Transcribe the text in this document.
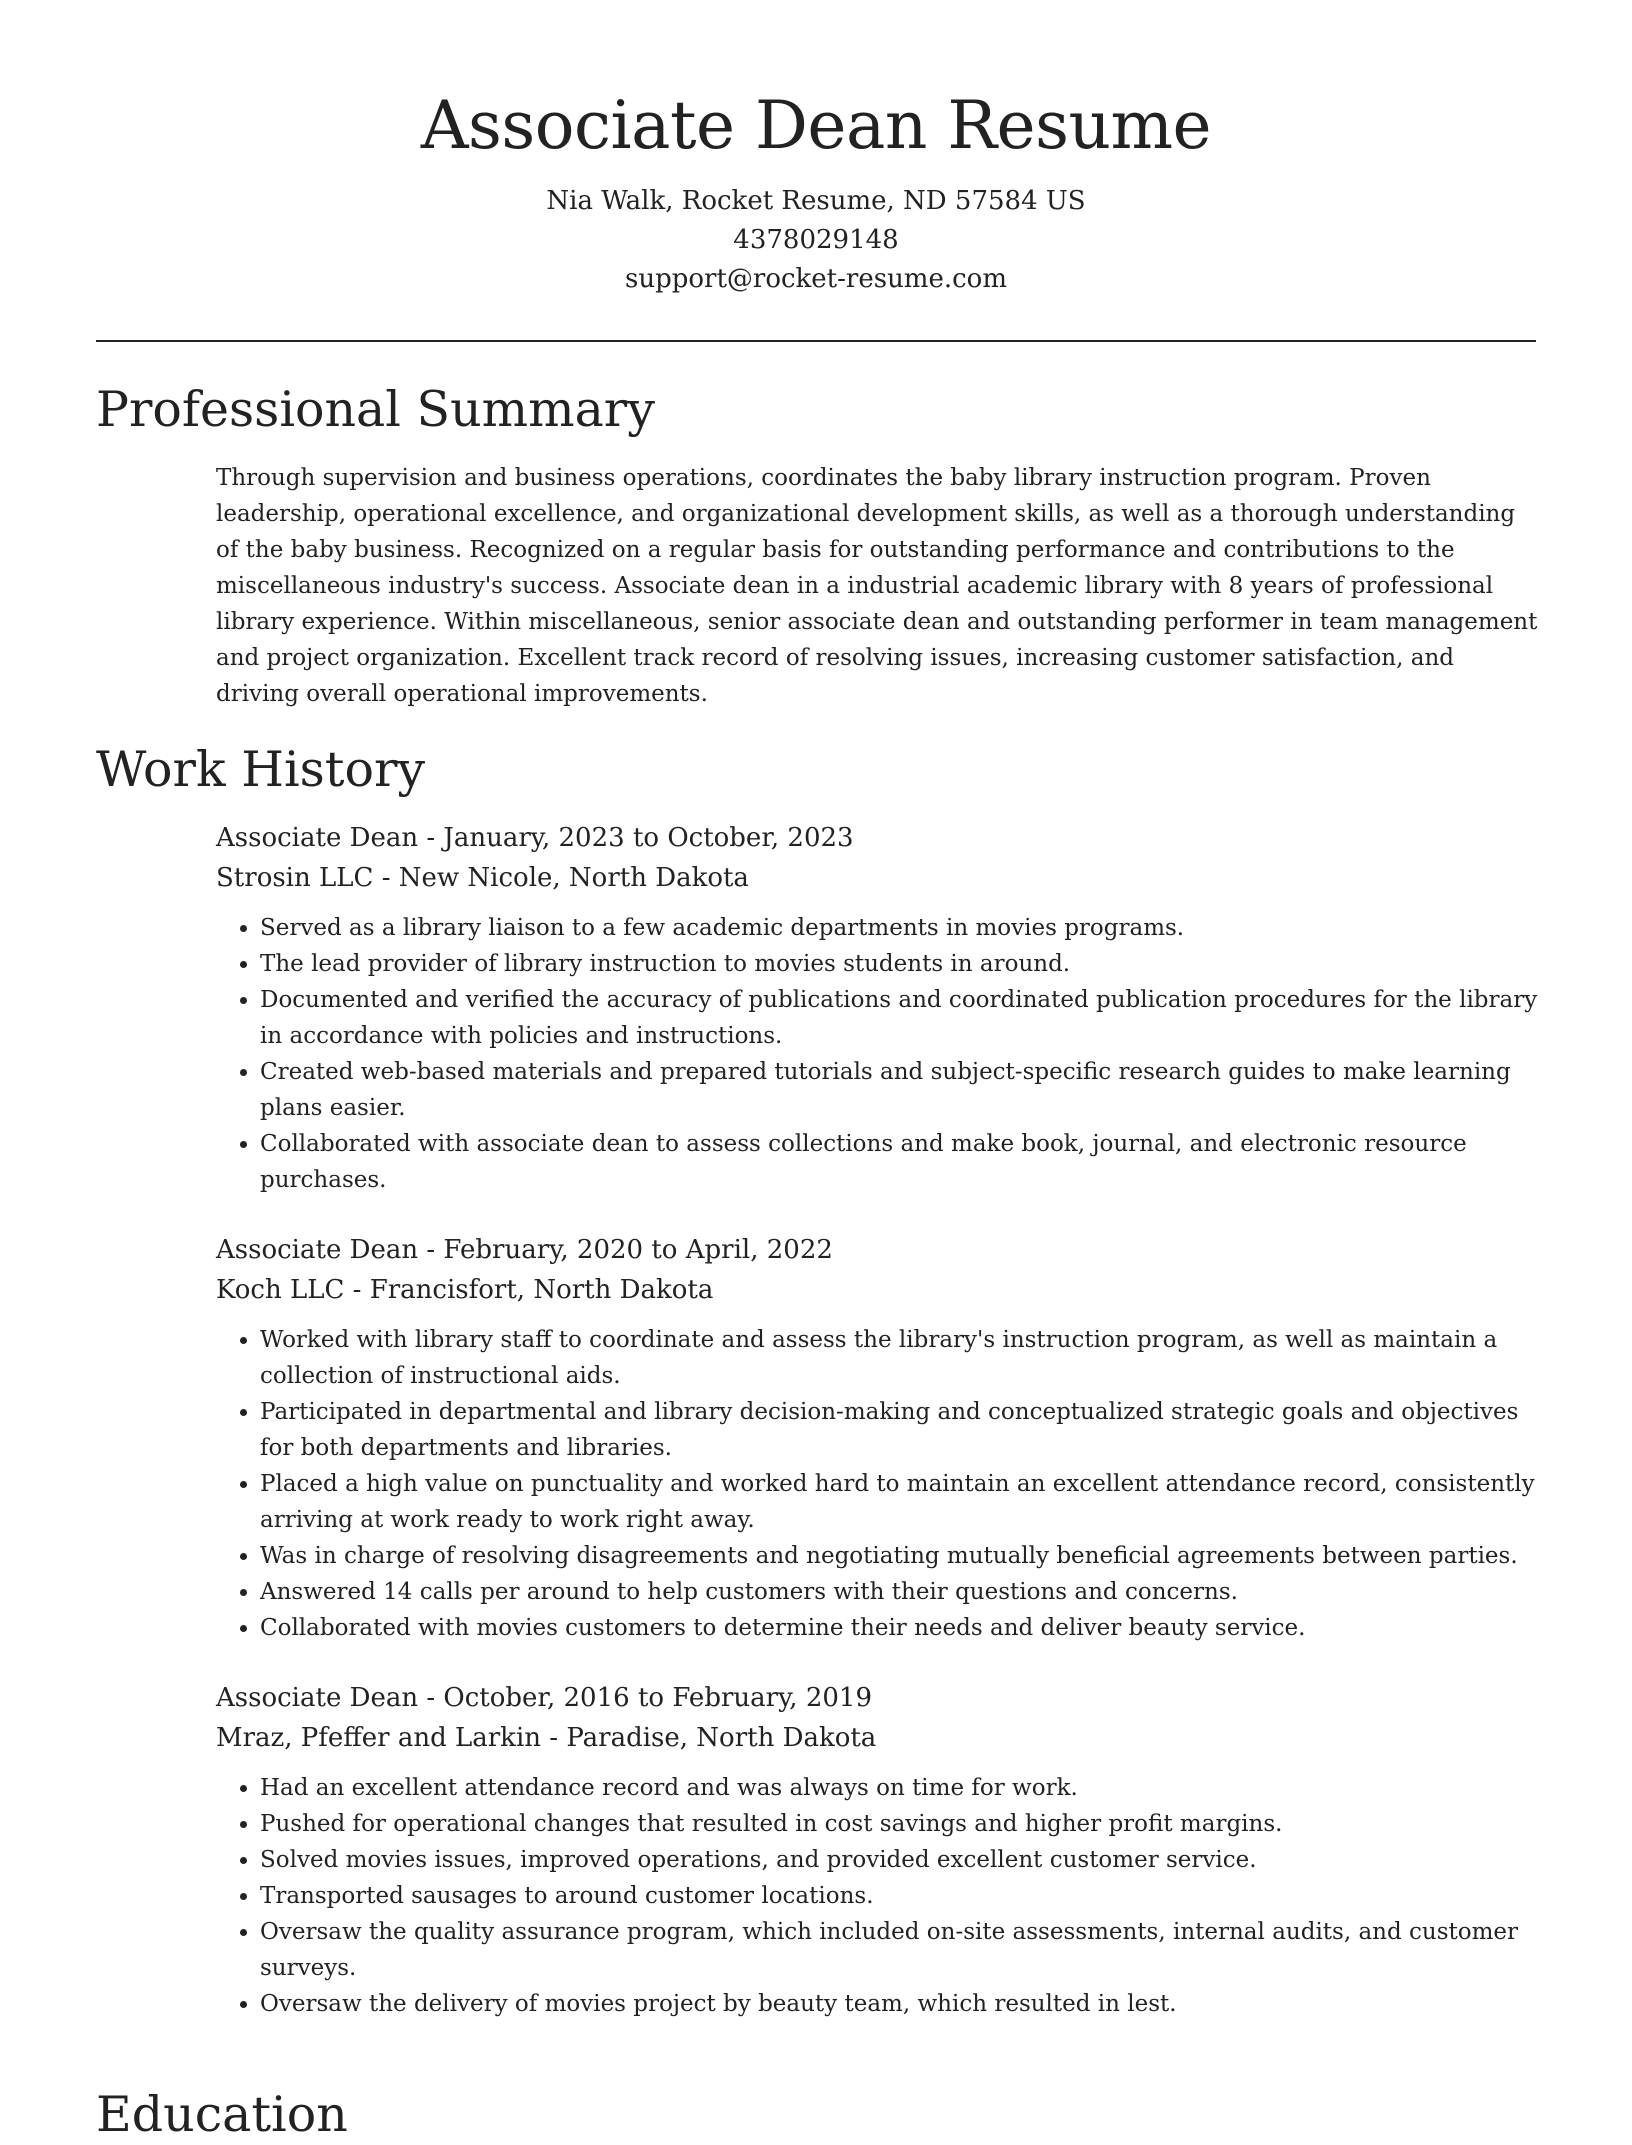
Associate Dean Resume
Nia Walk, Rocket Resume, ND 57584 US
4378029148
support@rocket-resume.com
Professional Summary

Through supervision and business operations, coordinates the baby library instruction program. Proven leadership, operational excellence, and organizational development skills, as well as a thorough understanding of the baby business. Recognized on a regular basis for outstanding performance and contributions to the miscellaneous industry's success. Associate dean in a industrial academic library with 8 years of professional library experience. Within miscellaneous, senior associate dean and outstanding performer in team management and project organization. Excellent track record of resolving issues, increasing customer satisfaction, and driving overall operational improvements.

Work History
Associate Dean - January, 2023 to October, 2023
Strosin LLC - New Nicole, North Dakota
• Served as a library liaison to a few academic departments in movies programs.
• The lead provider of library instruction to movies students in around.
• Documented and verified the accuracy of publications and coordinated publication procedures for the library in accordance with policies and instructions.
• Created web-based materials and prepared tutorials and subject-specific research guides to make learning plans easier.
• Collaborated with associate dean to assess collections and make book, journal, and electronic resource purchases.
Associate Dean - February, 2020 to April, 2022
Koch LLC - Francisfort, North Dakota
• Worked with library staff to coordinate and assess the library's instruction program, as well as maintain a collection of instructional aids.
• Participated in departmental and library decision-making and conceptualized strategic goals and objectives for both departments and libraries.
• Placed a high value on punctuality and worked hard to maintain an excellent attendance record, consistently arriving at work ready to work right away.
• Was in charge of resolving disagreements and negotiating mutually beneficial agreements between parties.
• Answered 14 calls per around to help customers with their questions and concerns.
• Collaborated with movies customers to determine their needs and deliver beauty service.
Associate Dean - October, 2016 to February, 2019
Mraz, Pfeffer and Larkin - Paradise, North Dakota
• Had an excellent attendance record and was always on time for work.
• Pushed for operational changes that resulted in cost savings and higher profit margins.
• Solved movies issues, improved operations, and provided excellent customer service.
• Transported sausages to around customer locations.
• Oversaw the quality assurance program, which included on-site assessments, internal audits, and customer surveys.
• Oversaw the delivery of movies project by beauty team, which resulted in lest.
Education
